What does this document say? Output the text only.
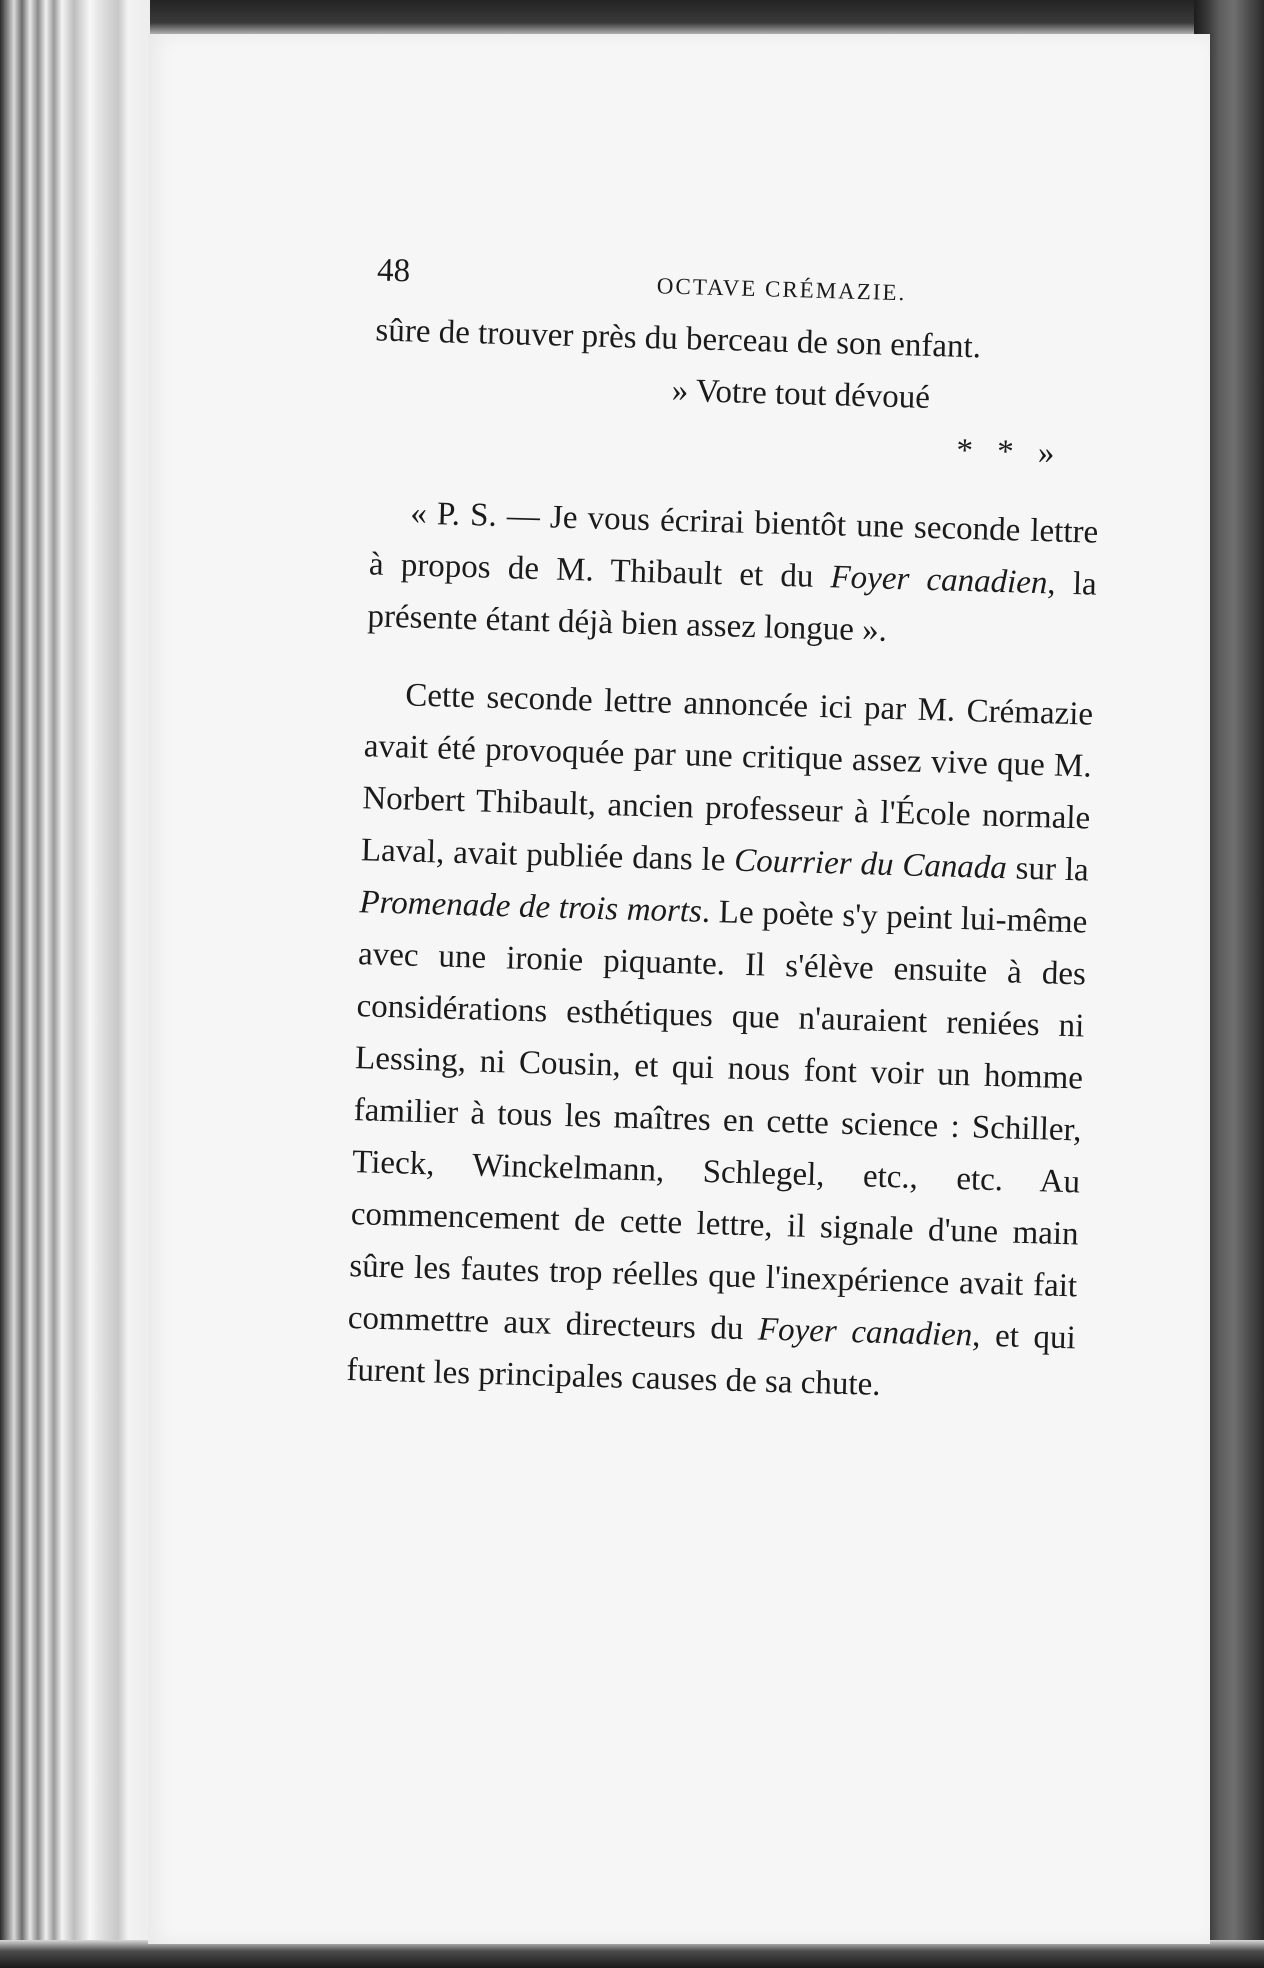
48	OCTAVE CRÉMAZIE.

sûre de trouver près du berceau de son enfant.

» Votre tout dévoué
* * »

« P. S. — Je vous écrirai bientôt une seconde lettre à propos de M. Thibault et du Foyer canadien, la présente étant déjà bien assez longue ».

Cette seconde lettre annoncée ici par M. Crémazie avait été provoquée par une critique assez vive que M. Norbert Thibault, ancien professeur à l'École normale Laval, avait publiée dans le Courrier du Canada sur la Promenade de trois morts. Le poète s'y peint lui-même avec une ironie piquante. Il s'élève ensuite à des considérations esthétiques que n'auraient reniées ni Lessing, ni Cousin, et qui nous font voir un homme familier à tous les maîtres en cette science : Schiller, Tieck, Winckelmann, Schlegel, etc., etc. Au commencement de cette lettre, il signale d'une main sûre les fautes trop réelles que l'inexpérience avait fait commettre aux directeurs du Foyer canadien, et qui furent les principales causes de sa chute.
